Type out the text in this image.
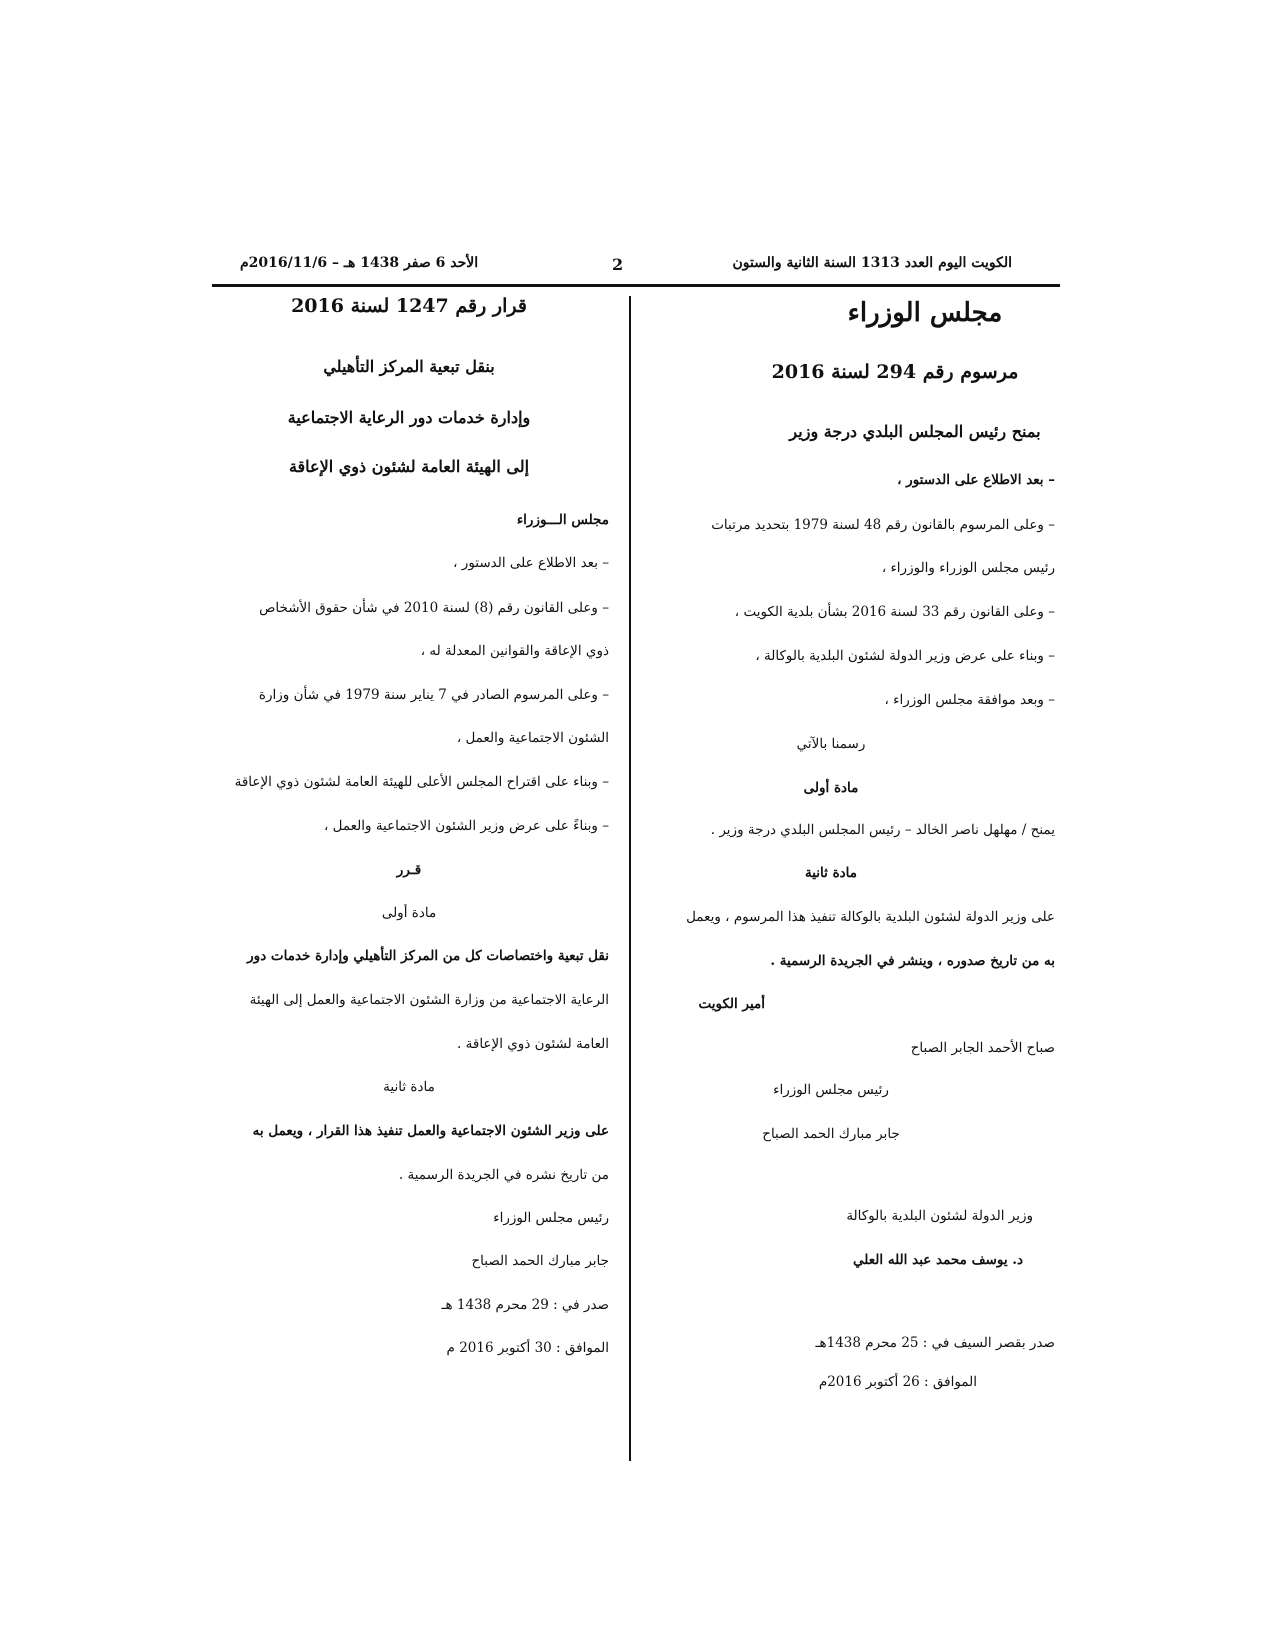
الكويت اليوم العدد 1313 السنة الثانية والستون
2
الأحد 6 صفر 1438 هـ – 2016/11/6م
مجلس الوزراء
مرسوم رقم 294 لسنة 2016
بمنح رئيس المجلس البلدي درجة وزير
– بعد الاطلاع على الدستور ،
– وعلى المرسوم بالقانون رقم 48 لسنة 1979 بتحديد مرتبات
رئيس مجلس الوزراء والوزراء ،
– وعلى القانون رقم 33 لسنة 2016 بشأن بلدية الكويت ،
– وبناء على عرض وزير الدولة لشئون البلدية بالوكالة ،
– وبعد موافقة مجلس الوزراء ،
رسمنا بالآتي
مادة أولى
يمنح / مهلهل ناصر الخالد – رئيس المجلس البلدي درجة وزير .
مادة ثانية
على وزير الدولة لشئون البلدية بالوكالة تنفيذ هذا المرسوم ، ويعمل
به من تاريخ صدوره ، وينشر في الجريدة الرسمية .
أمير الكويت
صباح الأحمد الجابر الصباح
رئيس مجلس الوزراء
جابر مبارك الحمد الصباح
وزير الدولة لشئون البلدية بالوكالة
د. يوسف محمد عبد الله العلي
صدر بقصر السيف في : 25 محرم 1438هـ
الموافق : 26 أكتوبر 2016م
قرار رقم 1247 لسنة 2016
بنقل تبعية المركز التأهيلي
وإدارة خدمات دور الرعاية الاجتماعية
إلى الهيئة العامة لشئون ذوي الإعاقة
مجلس الـــوزراء
– بعد الاطلاع على الدستور ،
– وعلى القانون رقم (8) لسنة 2010 في شأن حقوق الأشخاص
ذوي الإعاقة والقوانين المعدلة له ،
– وعلى المرسوم الصادر في 7 يناير سنة 1979 في شأن وزارة
الشئون الاجتماعية والعمل ،
– وبناء على اقتراح المجلس الأعلى للهيئة العامة لشئون ذوي الإعاقة
– وبناءً على عرض وزير الشئون الاجتماعية والعمل ،
قـرر
مادة أولى
نقل تبعية واختصاصات كل من المركز التأهيلي وإدارة خدمات دور
الرعاية الاجتماعية من وزارة الشئون الاجتماعية والعمل إلى الهيئة
العامة لشئون ذوي الإعاقة .
مادة ثانية
على وزير الشئون الاجتماعية والعمل تنفيذ هذا القرار ، ويعمل به
من تاريخ نشره في الجريدة الرسمية .
رئيس مجلس الوزراء
جابر مبارك الحمد الصباح
صدر في : 29 محرم 1438 هـ
الموافق : 30 أكتوبر 2016 م
